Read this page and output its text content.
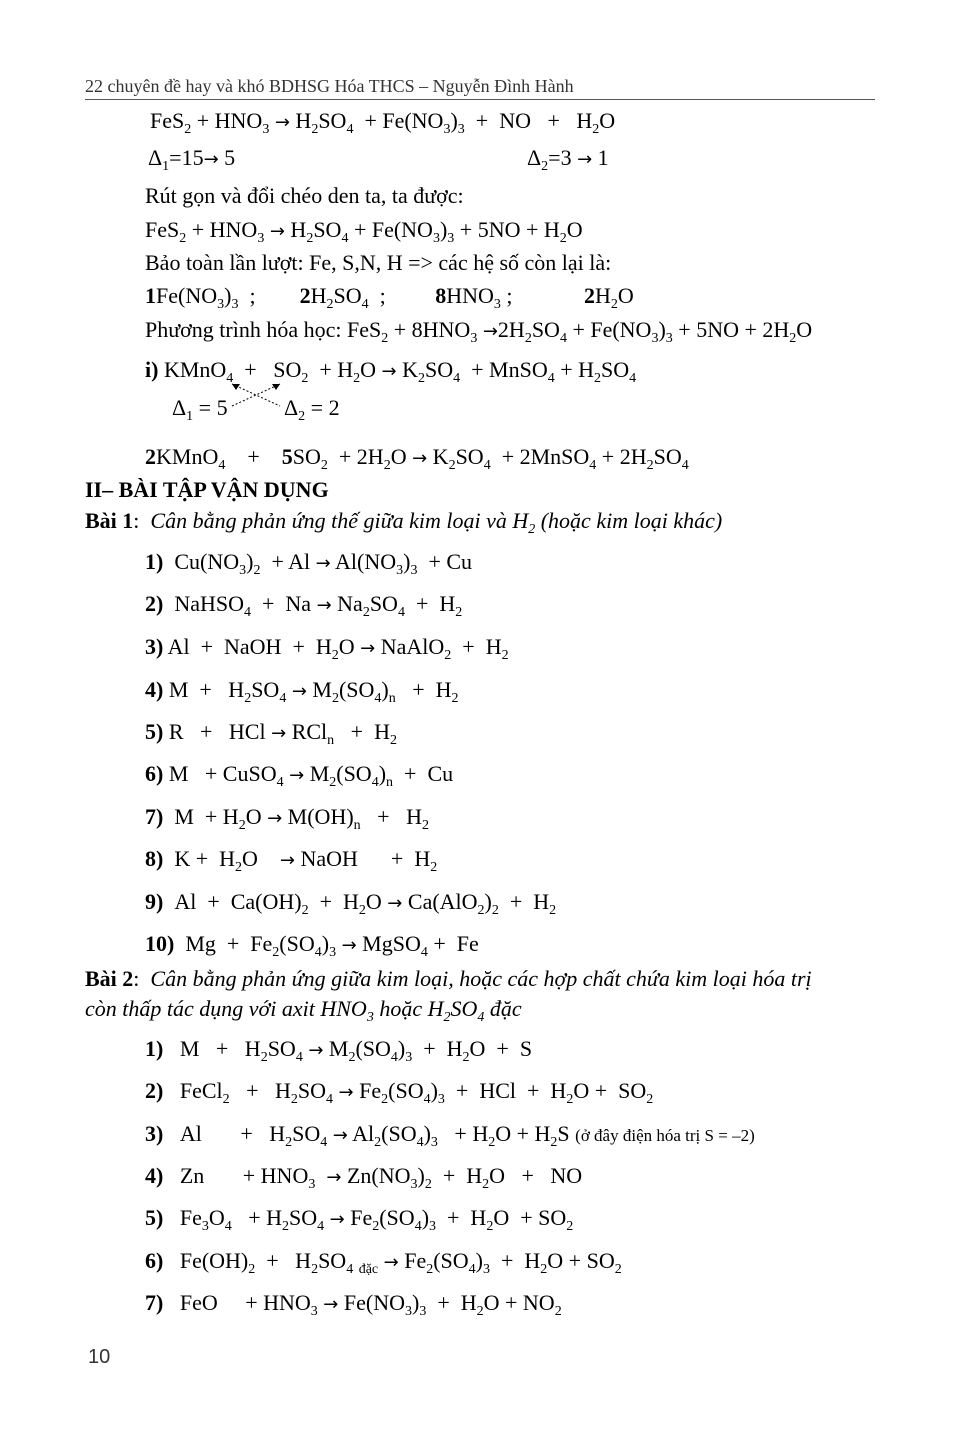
22 chuyên đề hay và khó BDHSG Hóa THCS – Nguyễn Đình Hành
$FeS_2 + HNO_3 \to H_2SO_4 + Fe(NO_3)_3$  +  NO   +   $H_2O$
$\Delta_1=15\to 5$	$\Delta_2=3 \to 1$
Rút gọn và đổi chéo den ta, ta được:
$FeS_2 + HNO_3 \to H_2SO_4 + Fe(NO_3)_3 + 5NO + H_2O$
Bảo toàn lần lượt: Fe, S,N, H => các hệ số còn lại là:
$1Fe(NO_3)_3$  ;        $2H_2SO_4$  ;         $8HNO_3$ ;             $2H_2O$
Phương trình hóa học: $FeS_2 + 8HNO_3 \to 2H_2SO_4 + Fe(NO_3)_3 + 5NO + 2H_2O$
i) KMnO$_4$  +   $SO_2 + H_2O \to K_2SO_4$  + MnSO$_4$ + $H_2SO_4$
$\Delta_1 = 5$	$\Delta_2 = 2$
2KMnO$_4$    +    $5SO_2 + 2H_2O \to K_2SO_4$  + 2MnSO$_4$ + $2H_2SO_4$
II– BÀI TẬP VẬN DỤNG
Bài 1:  Cân bằng phản ứng thế giữa kim loại và $H_2$ (hoặc kim loại khác)
1)  $Cu(NO_3)_2 + Al \to Al(NO_3)_3 + Cu$
2)  NaHSO$_4$  +  $Na \to Na_2SO_4 + H_2$
3) Al  +  NaOH  +  $H_2O$ → NaAlO$_2$  +  $H_2$
4) $M + H_2SO_4 \to M_2(SO_4)_n + H_2$
5) R   +   HCl → $RCl_n + H_2$
6) M   + CuSO$_4$ → $M_2(SO_4)_n + Cu$
7)  $M + H_2O \to M(OH)_n + H_2$
8)  $K + H_2O$    → NaOH      +  $H_2$
9)  $Al + Ca(OH)_2 + H_2O \to Ca(AlO_2)_2 + H_2$
10)  $Mg + Fe_2(SO_4)_3$ → MgSO$_4$ +  Fe
Bài 2:  Cân bằng phản ứng giữa kim loại, hoặc các hợp chất chứa kim loại hóa trị
còn thấp tác dụng với axit $HNO_3$ hoặc $H_2SO_4$ đặc
1)   $M + H_2SO_4 \to M_2(SO_4)_3 + H_2O + S$
2)   FeCl$_2$   +   $H_2SO_4 \to Fe_2(SO_4)_3$  +  HCl  +  $H_2O + SO_2$
3)   Al       +   $H_2SO_4 \to Al_2(SO_4)_3 + H_2O + H_2S$ (ở đây điện hóa trị S = –2)
4)   Zn       + $HNO_3 \to Zn(NO_3)_2 + H_2O$   +   NO
5)   $Fe_3O_4 + H_2SO_4 \to Fe_2(SO_4)_3 + H_2O + SO_2$
6)   $Fe(OH)_2 + H_2SO_4$ $_{đặc} \to Fe_2(SO_4)_3 + H_2O + SO_2$
7)   FeO     + $HNO_3 \to Fe(NO_3)_3 + H_2O + NO_2$
10
